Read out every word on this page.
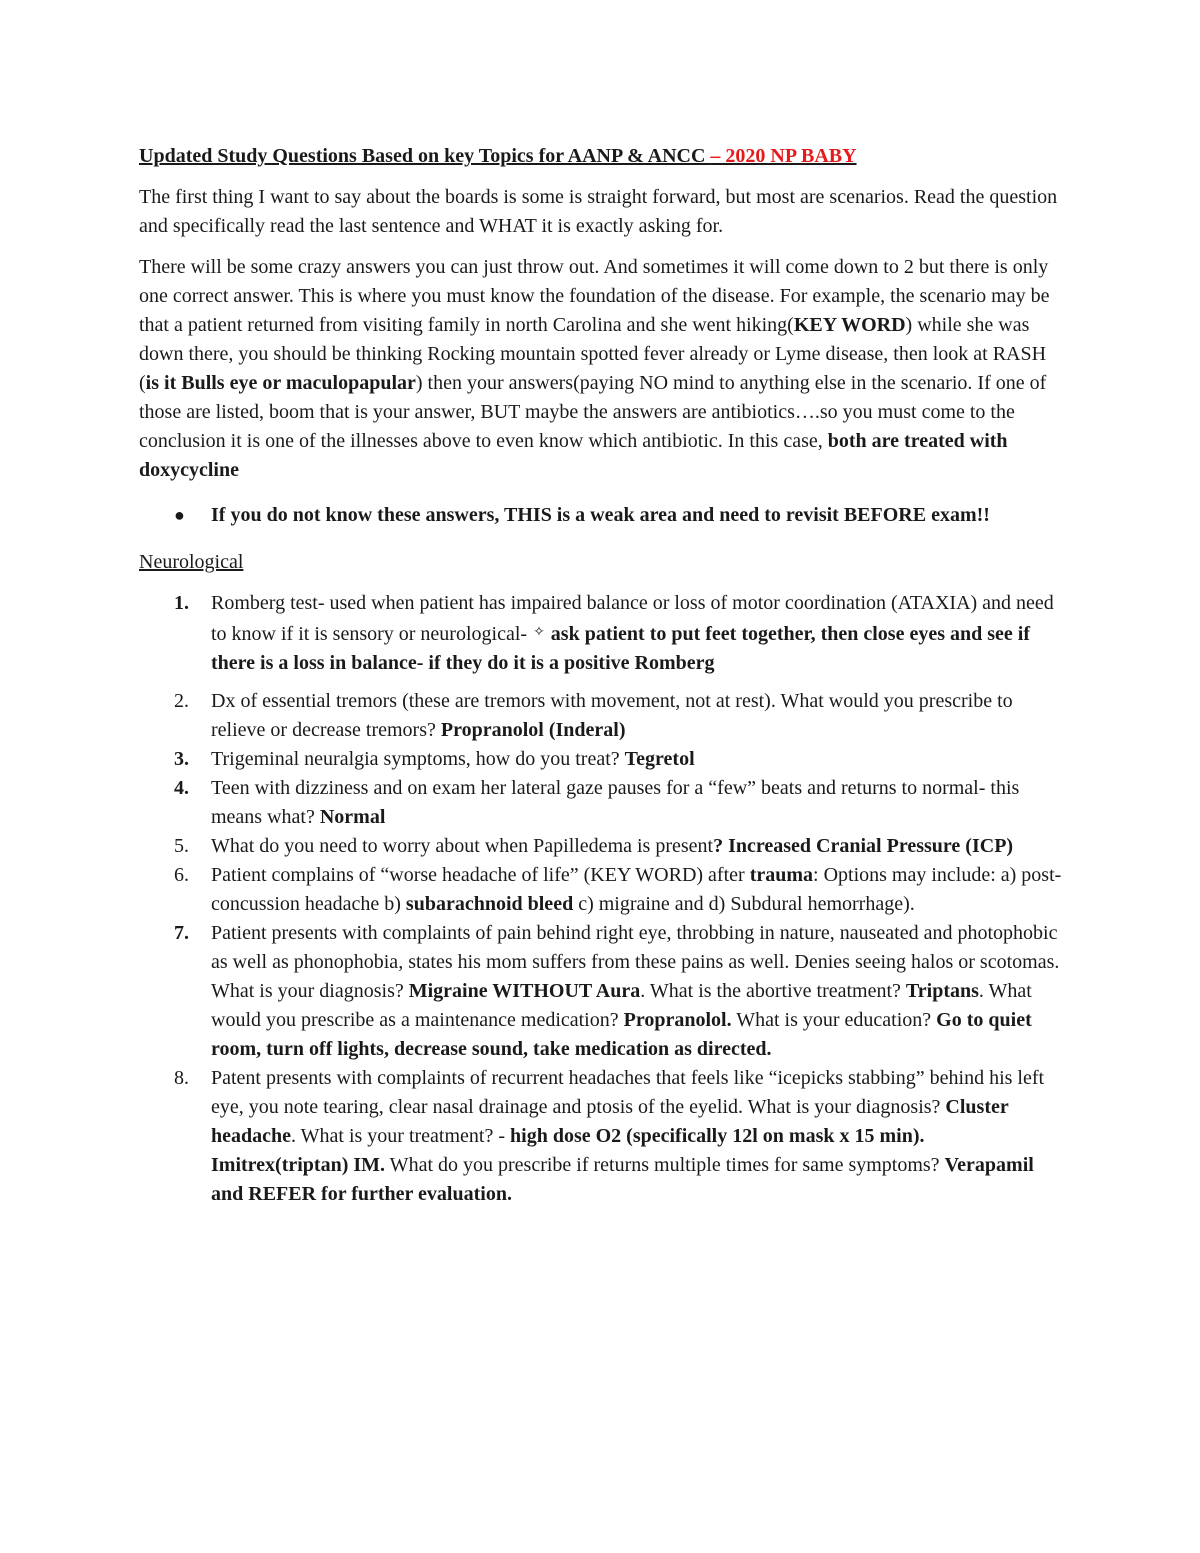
Updated Study Questions Based on key Topics for AANP & ANCC – 2020 NP BABY

The first thing I want to say about the boards is some is straight forward, but most are scenarios. Read the question and specifically read the last sentence and WHAT it is exactly asking for.

There will be some crazy answers you can just throw out. And sometimes it will come down to 2 but there is only one correct answer. This is where you must know the foundation of the disease. For example, the scenario may be that a patient returned from visiting family in north Carolina and she went hiking(KEY WORD) while she was down there, you should be thinking Rocking mountain spotted fever already or Lyme disease, then look at RASH (is it Bulls eye or maculopapular) then your answers(paying NO mind to anything else in the scenario. If one of those are listed, boom that is your answer, BUT maybe the answers are antibiotics….so you must come to the conclusion it is one of the illnesses above to even know which antibiotic. In this case, both are treated with doxycycline

● If you do not know these answers, THIS is a weak area and need to revisit BEFORE exam!!
Neurological
1. Romberg test- used when patient has impaired balance or loss of motor coordination (ATAXIA) and need to know if it is sensory or neurological- ✧ ask patient to put feet together, then close eyes and see if there is a loss in balance- if they do it is a positive Romberg
2. Dx of essential tremors (these are tremors with movement, not at rest). What would you prescribe to relieve or decrease tremors? Propranolol (Inderal)
3. Trigeminal neuralgia symptoms, how do you treat? Tegretol
4. Teen with dizziness and on exam her lateral gaze pauses for a “few” beats and returns to normal- this means what? Normal
5. What do you need to worry about when Papilledema is present? Increased Cranial Pressure (ICP)
6. Patient complains of “worse headache of life” (KEY WORD) after trauma: Options may include: a) post-concussion headache b) subarachnoid bleed c) migraine and d) Subdural hemorrhage).
7. Patient presents with complaints of pain behind right eye, throbbing in nature, nauseated and photophobic as well as phonophobia, states his mom suffers from these pains as well. Denies seeing halos or scotomas. What is your diagnosis? Migraine WITHOUT Aura. What is the abortive treatment? Triptans. What would you prescribe as a maintenance medication? Propranolol. What is your education? Go to quiet room, turn off lights, decrease sound, take medication as directed.
8. Patent presents with complaints of recurrent headaches that feels like “icepicks stabbing” behind his left eye, you note tearing, clear nasal drainage and ptosis of the eyelid. What is your diagnosis? Cluster headache. What is your treatment? - high dose O2 (specifically 12l on mask x 15 min). Imitrex(triptan) IM. What do you prescribe if returns multiple times for same symptoms? Verapamil and REFER for further evaluation.
